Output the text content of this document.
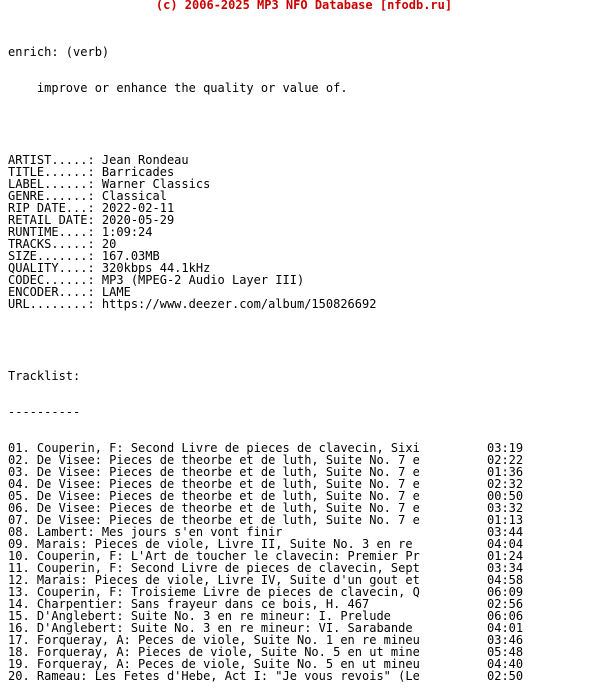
(c) 2006-2025 MP3 NFO Database [nfodb.ru]

enrich: (verb)

improve or enhance the quality or value of.

ARTIST.....: Jean Rondeau
TITLE......: Barricades
LABEL......: Warner Classics
GENRE......: Classical
RIP DATE...: 2022-02-11
RETAIL DATE: 2020-05-29
RUNTIME....: 1:09:24
TRACKS.....: 20
SIZE.......: 167.03MB
QUALITY....: 320kbps 44.1kHz
CODEC......: MP3 (MPEG-2 Audio Layer III)
ENCODER....: LAME
URL........: https://www.deezer.com/album/150826692

Tracklist:

----------

01. Couperin, F: Second Livre de pieces de clavecin, Sixi	03:19
02. De Visee: Pieces de theorbe et de luth, Suite No. 7 e	02:22
03. De Visee: Pieces de theorbe et de luth, Suite No. 7 e	01:36
04. De Visee: Pieces de theorbe et de luth, Suite No. 7 e	02:32
05. De Visee: Pieces de theorbe et de luth, Suite No. 7 e	00:50
06. De Visee: Pieces de theorbe et de luth, Suite No. 7 e	03:32
07. De Visee: Pieces de theorbe et de luth, Suite No. 7 e	01:13
08. Lambert: Mes jours s'en vont finir	03:44
09. Marais: Pieces de viole, Livre II, Suite No. 3 en re	04:04
10. Couperin, F: L'Art de toucher le clavecin: Premier Pr	01:24
11. Couperin, F: Second Livre de pieces de clavecin, Sept	03:34
12. Marais: Pieces de viole, Livre IV, Suite d'un gout et	04:58
13. Couperin, F: Troisieme Livre de pieces de clavecin, Q	06:09
14. Charpentier: Sans frayeur dans ce bois, H. 467	02:56
15. D'Anglebert: Suite No. 3 en re mineur: I. Prelude	06:06
16. D'Anglebert: Suite No. 3 en re mineur: VI. Sarabande	04:01
17. Forqueray, A: Peces de viole, Suite No. 1 en re mineu	03:46
18. Forqueray, A: Pieces de viole, Suite No. 5 en ut mine	05:48
19. Forqueray, A: Peces de viole, Suite No. 5 en ut mineu	04:40
20. Rameau: Les Fetes d'Hebe, Act I: "Je vous revois" (Le	02:50
